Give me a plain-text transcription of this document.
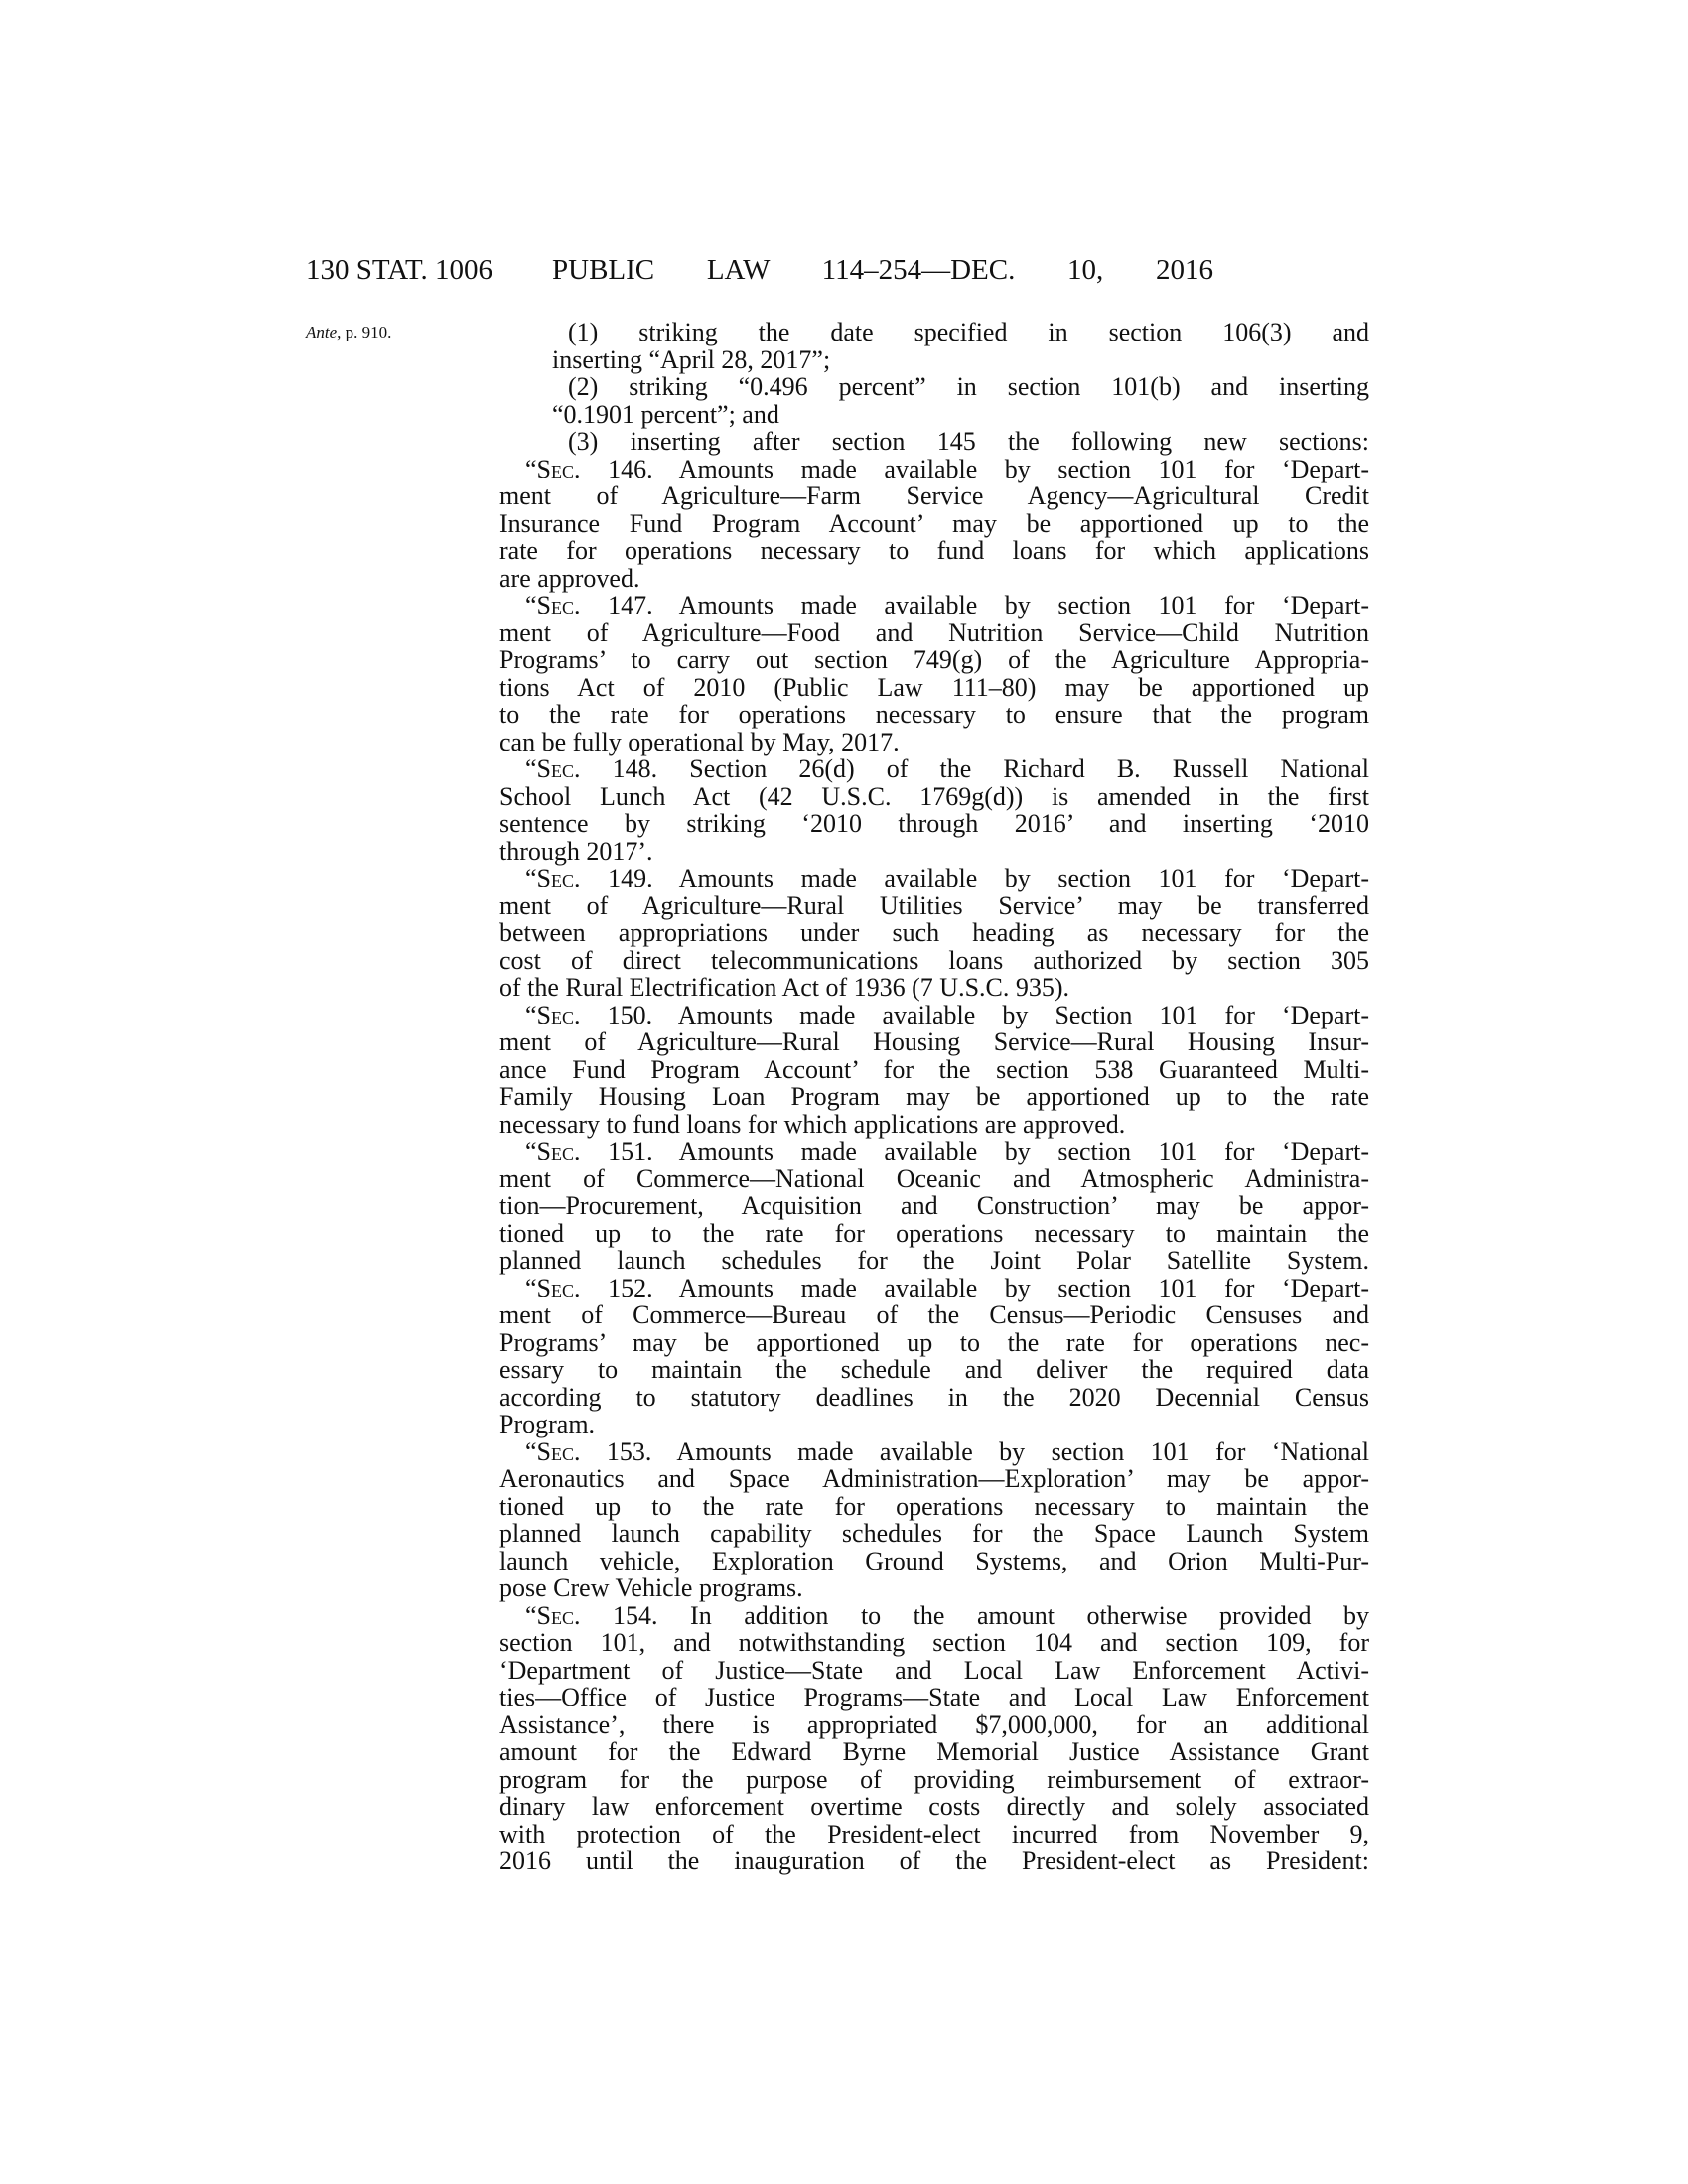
130 STAT. 1006 PUBLIC LAW 114–254—DEC. 10, 2016
Ante, p. 910.	(1) striking the date specified in section 106(3) and
inserting “April 28, 2017”;
(2) striking “0.496 percent” in section 101(b) and inserting
“0.1901 percent”; and
(3) inserting after section 145 the following new sections:
“Sec. 146. Amounts made available by section 101 for ‘Depart-
ment of Agriculture—Farm Service Agency—Agricultural Credit
Insurance Fund Program Account’ may be apportioned up to the
rate for operations necessary to fund loans for which applications
are approved.
“Sec. 147. Amounts made available by section 101 for ‘Depart-
ment of Agriculture—Food and Nutrition Service—Child Nutrition
Programs’ to carry out section 749(g) of the Agriculture Appropria-
tions Act of 2010 (Public Law 111–80) may be apportioned up
to the rate for operations necessary to ensure that the program
can be fully operational by May, 2017.
“Sec. 148. Section 26(d) of the Richard B. Russell National
School Lunch Act (42 U.S.C. 1769g(d)) is amended in the first
sentence by striking ‘2010 through 2016’ and inserting ‘2010
through 2017’.
“Sec. 149. Amounts made available by section 101 for ‘Depart-
ment of Agriculture—Rural Utilities Service’ may be transferred
between appropriations under such heading as necessary for the
cost of direct telecommunications loans authorized by section 305
of the Rural Electrification Act of 1936 (7 U.S.C. 935).
“Sec. 150. Amounts made available by Section 101 for ‘Depart-
ment of Agriculture—Rural Housing Service—Rural Housing Insur-
ance Fund Program Account’ for the section 538 Guaranteed Multi-
Family Housing Loan Program may be apportioned up to the rate
necessary to fund loans for which applications are approved.
“Sec. 151. Amounts made available by section 101 for ‘Depart-
ment of Commerce—National Oceanic and Atmospheric Administra-
tion—Procurement, Acquisition and Construction’ may be appor-
tioned up to the rate for operations necessary to maintain the
planned launch schedules for the Joint Polar Satellite System.
“Sec. 152. Amounts made available by section 101 for ‘Depart-
ment of Commerce—Bureau of the Census—Periodic Censuses and
Programs’ may be apportioned up to the rate for operations nec-
essary to maintain the schedule and deliver the required data
according to statutory deadlines in the 2020 Decennial Census
Program.
“Sec. 153. Amounts made available by section 101 for ‘National
Aeronautics and Space Administration—Exploration’ may be appor-
tioned up to the rate for operations necessary to maintain the
planned launch capability schedules for the Space Launch System
launch vehicle, Exploration Ground Systems, and Orion Multi-Pur-
pose Crew Vehicle programs.
“Sec. 154. In addition to the amount otherwise provided by
section 101, and notwithstanding section 104 and section 109, for
‘Department of Justice—State and Local Law Enforcement Activi-
ties—Office of Justice Programs—State and Local Law Enforcement
Assistance’, there is appropriated $7,000,000, for an additional
amount for the Edward Byrne Memorial Justice Assistance Grant
program for the purpose of providing reimbursement of extraor-
dinary law enforcement overtime costs directly and solely associated
with protection of the President-elect incurred from November 9,
2016 until the inauguration of the President-elect as President:
